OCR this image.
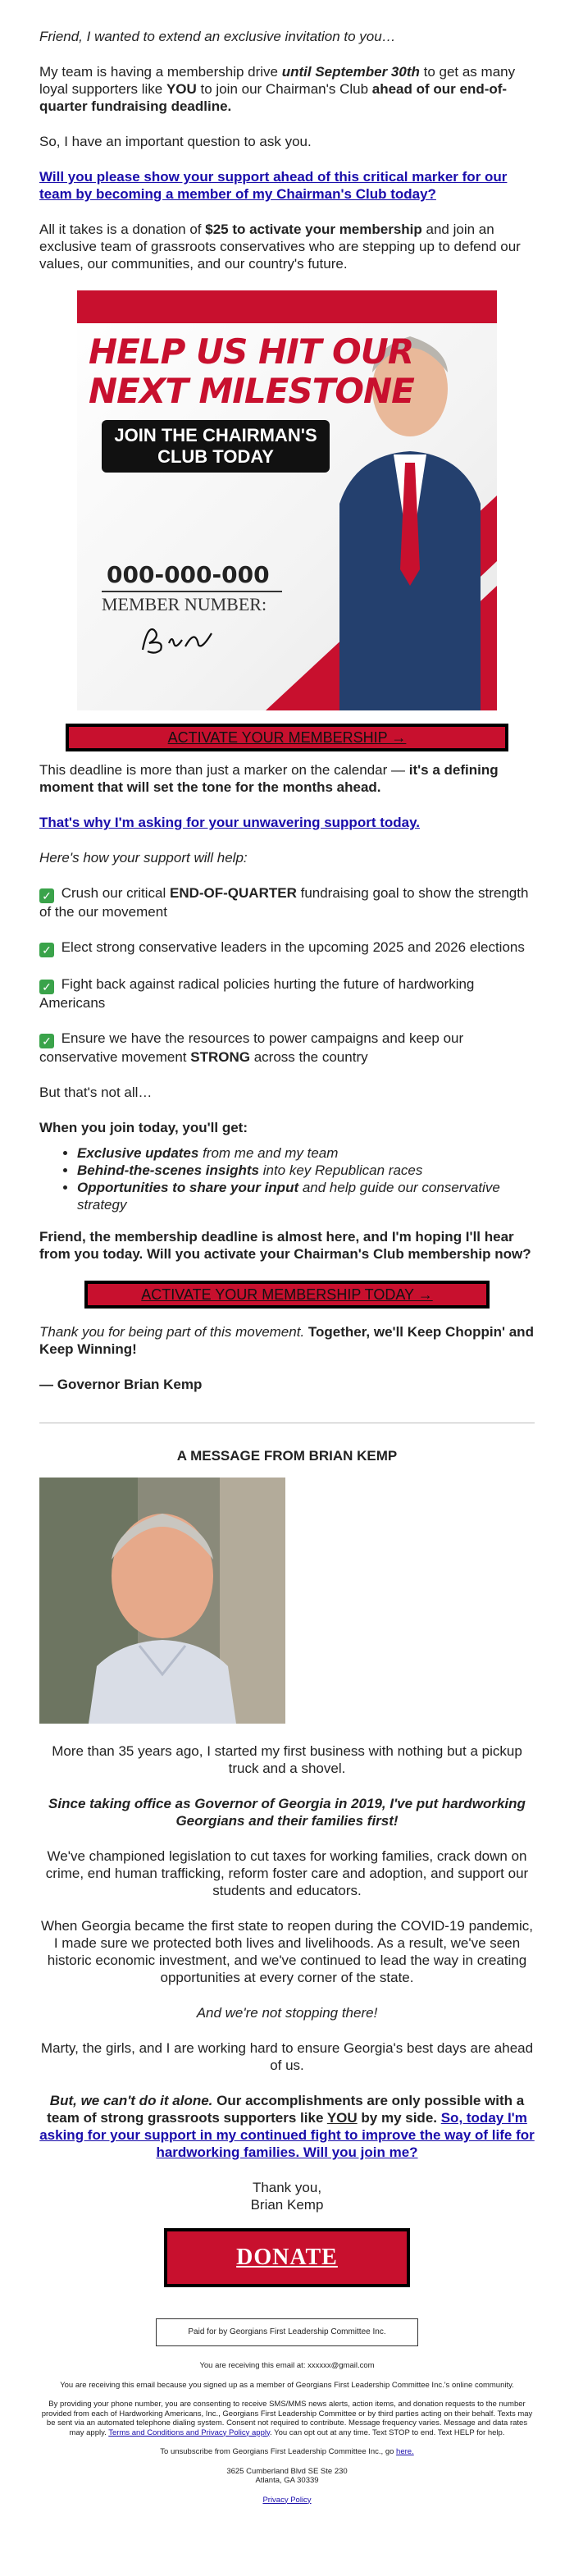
Friend, I wanted to extend an exclusive invitation to you…

My team is having a membership drive until September 30th to get as many loyal supporters like YOU to join our Chairman's Club ahead of our end-of-quarter fundraising deadline.

So, I have an important question to ask you.

Will you please show your support ahead of this critical marker for our team by becoming a member of my Chairman's Club today?

All it takes is a donation of $25 to activate your membership and join an exclusive team of grassroots conservatives who are stepping up to defend our values, our communities, and our country's future.

HELP US HIT OUR
NEXT MILESTONE
JOIN THE CHAIRMAN'S
CLUB TODAY
000-000-000
MEMBER NUMBER:
ACTIVATE YOUR MEMBERSHIP →

This deadline is more than just a marker on the calendar — it's a defining moment that will set the tone for the months ahead.

That's why I'm asking for your unwavering support today.

Here's how your support will help:

✓ Crush our critical END-OF-QUARTER fundraising goal to show the strength of the our movement

✓ Elect strong conservative leaders in the upcoming 2025 and 2026 elections

✓ Fight back against radical policies hurting the future of hardworking Americans

✓ Ensure we have the resources to power campaigns and keep our conservative movement STRONG across the country

But that's not all…

When you join today, you'll get:

• Exclusive updates from me and my team
• Behind-the-scenes insights into key Republican races
• Opportunities to share your input and help guide our conservative strategy

Friend, the membership deadline is almost here, and I'm hoping I'll hear from you today. Will you activate your Chairman's Club membership now?

ACTIVATE YOUR MEMBERSHIP TODAY →

Thank you for being part of this movement. Together, we'll Keep Choppin' and Keep Winning!

— Governor Brian Kemp

A MESSAGE FROM BRIAN KEMP

More than 35 years ago, I started my first business with nothing but a pickup truck and a shovel.

Since taking office as Governor of Georgia in 2019, I've put hardworking Georgians and their families first!

We've championed legislation to cut taxes for working families, crack down on crime, end human trafficking, reform foster care and adoption, and support our students and educators.

When Georgia became the first state to reopen during the COVID-19 pandemic, I made sure we protected both lives and livelihoods. As a result, we've seen historic economic investment, and we've continued to lead the way in creating opportunities at every corner of the state.

And we're not stopping there!

Marty, the girls, and I are working hard to ensure Georgia's best days are ahead of us.

But, we can't do it alone. Our accomplishments are only possible with a team of strong grassroots supporters like YOU by my side. So, today I'm asking for your support in my continued fight to improve the way of life for hardworking families. Will you join me?

Thank you,
Brian Kemp

DONATE
Paid for by Georgians First Leadership Committee Inc.
You are receiving this email at: xxxxxx@gmail.com
You are receiving this email because you signed up as a member of Georgians First Leadership Committee Inc.'s online community.
By providing your phone number, you are consenting to receive SMS/MMS news alerts, action items, and donation requests to the number provided from each of Hardworking Americans, Inc., Georgians First Leadership Committee or by third parties acting on their behalf. Texts may be sent via an automated telephone dialing system. Consent not required to contribute. Message frequency varies. Message and data rates may apply. Terms and Conditions and Privacy Policy apply. You can opt out at any time. Text STOP to end. Text HELP for help.
To unsubscribe from Georgians First Leadership Committee Inc., go here.
3625 Cumberland Blvd SE Ste 230
Atlanta, GA 30339
Privacy Policy
